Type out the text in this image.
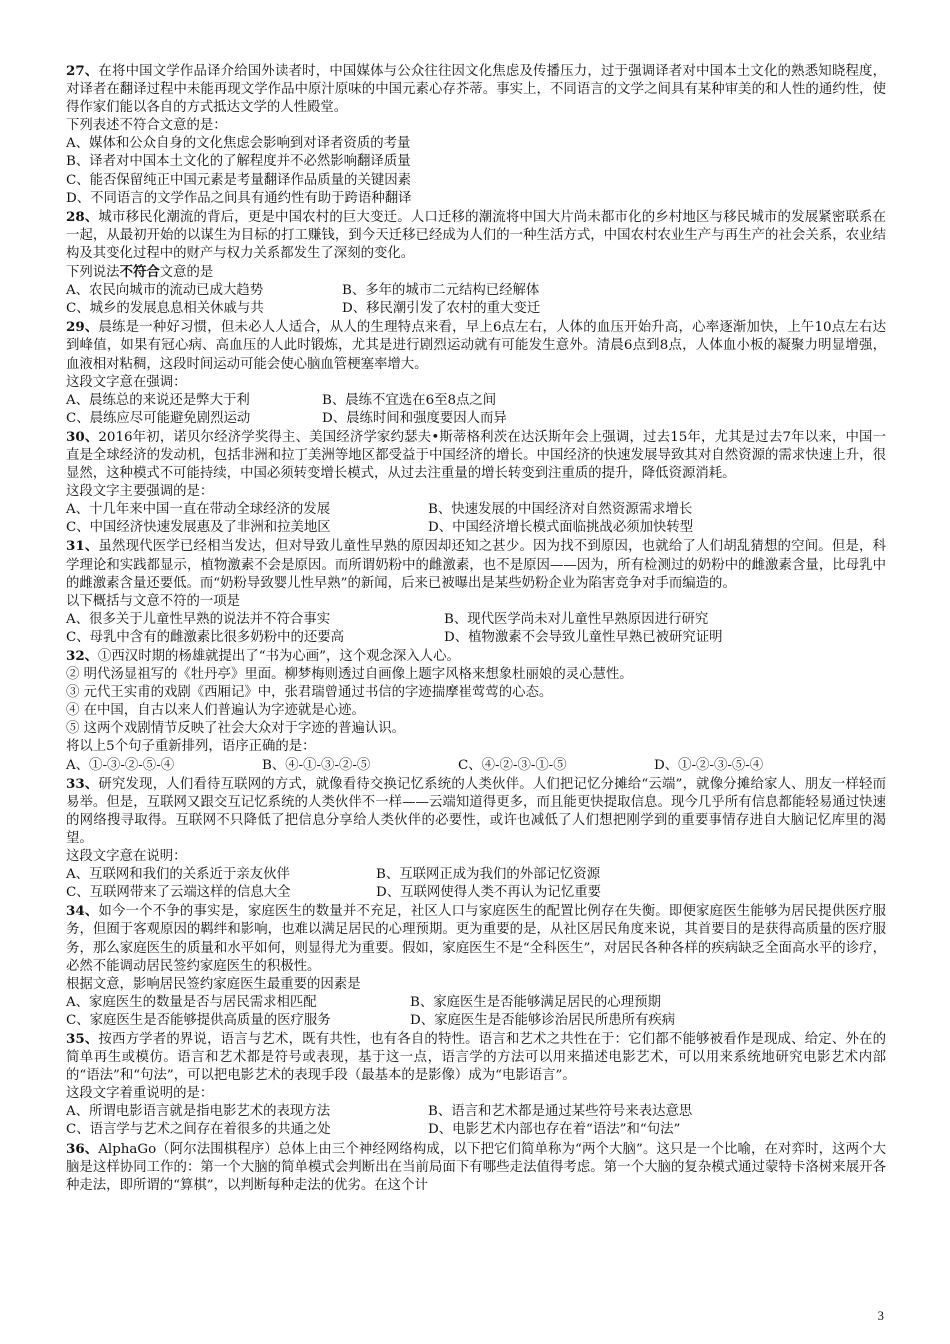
27、在将中国文学作品译介给国外读者时，中国媒体与公众往往因文化焦虑及传播压力，过于强调译者对中国本土文化的熟悉知晓程度，对译者在翻译过程中未能再现文学作品中原汁原味的中国元素心存芥蒂。事实上，不同语言的文学之间具有某种审美的和人性的通约性，使得作家们能以各自的方式抵达文学的人性殿堂。

下列表述不符合文意的是：

A、媒体和公众自身的文化焦虑会影响到对译者资质的考量

B、译者对中国本土文化的了解程度并不必然影响翻译质量

C、能否保留纯正中国元素是考量翻译作品质量的关键因素

D、不同语言的文学作品之间具有通约性有助于跨语种翻译

28、城市移民化潮流的背后，更是中国农村的巨大变迁。人口迁移的潮流将中国大片尚未都市化的乡村地区与移民城市的发展紧密联系在一起，从最初开始的以谋生为目标的打工赚钱，到今天迁移已经成为人们的一种生活方式，中国农村农业生产与再生产的社会关系，农业结构及其变化过程中的财产与权力关系都发生了深刻的变化。

下列说法不符合文意的是

A、农民向城市的流动已成大趋势	B、多年的城市二元结构已经解体

C、城乡的发展息息相关休戚与共	D、移民潮引发了农村的重大变迁

29、晨练是一种好习惯，但未必人人适合，从人的生理特点来看，早上6点左右，人体的血压开始升高，心率逐渐加快，上午10点左右达到峰值，如果有冠心病、高血压的人此时锻炼，尤其是进行剧烈运动就有可能发生意外。清晨6点到8点，人体血小板的凝聚力明显增强，血液相对粘稠，这段时间运动可能会使心脑血管梗塞率增大。

这段文字意在强调：

A、晨练总的来说还是弊大于利	B、晨练不宜选在6至8点之间

C、晨练应尽可能避免剧烈运动	D、晨练时间和强度要因人而异

30、2016年初，诺贝尔经济学奖得主、美国经济学家约瑟夫•斯蒂格利茨在达沃斯年会上强调，过去15年，尤其是过去7年以来，中国一直是全球经济的发动机，包括非洲和拉丁美洲等地区都受益于中国经济的增长。中国经济的快速发展导致其对自然资源的需求快速上升，很显然，这种模式不可能持续，中国必须转变增长模式，从过去注重量的增长转变到注重质的提升，降低资源消耗。

这段文字主要强调的是：

A、十几年来中国一直在带动全球经济的发展	B、快速发展的中国经济对自然资源需求增长

C、中国经济快速发展惠及了非洲和拉美地区	D、中国经济增长模式面临挑战必须加快转型

31、虽然现代医学已经相当发达，但对导致儿童性早熟的原因却还知之甚少。因为找不到原因，也就给了人们胡乱猜想的空间。但是，科学理论和实践都显示，植物激素不会是原因。而所谓奶粉中的雌激素，也不是原因——因为，所有检测过的奶粉中的雌激素含量，比母乳中的雌激素含量还要低。而“奶粉导致婴儿性早熟”的新闻，后来已被曝出是某些奶粉企业为陷害竞争对手而编造的。

以下概括与文意不符的一项是

A、很多关于儿童性早熟的说法并不符合事实	B、现代医学尚未对儿童性早熟原因进行研究

C、母乳中含有的雌激素比很多奶粉中的还要高	D、植物激素不会导致儿童性早熟已被研究证明

32、①西汉时期的杨雄就提出了“书为心画”，这个观念深入人心。

② 明代汤显祖写的《牡丹亭》里面。柳梦梅则透过自画像上题字风格来想象杜丽娘的灵心慧性。

③ 元代王实甫的戏剧《西厢记》中，张君瑞曾通过书信的字迹揣摩崔莺莺的心态。

④ 在中国，自古以来人们普遍认为字迹就是心迹。

⑤ 这两个戏剧情节反映了社会大众对于字迹的普遍认识。

将以上5个句子重新排列，语序正确的是：

A、①-③-②-⑤-④	B、④-①-③-②-⑤	C、④-②-③-①-⑤	D、①-②-③-⑤-④

33、研究发现，人们看待互联网的方式，就像看待交换记忆系统的人类伙伴。人们把记忆分摊给“云端”，就像分摊给家人、朋友一样轻而易举。但是，互联网又跟交互记忆系统的人类伙伴不一样——云端知道得更多，而且能更快提取信息。现今几乎所有信息都能轻易通过快速的网络搜寻取得。互联网不只降低了把信息分享给人类伙伴的必要性，或许也减低了人们想把刚学到的重要事情存进自大脑记忆库里的渴望。

这段文字意在说明：

A、互联网和我们的关系近于亲友伙伴	B、互联网正成为我们的外部记忆资源

C、互联网带来了云端这样的信息大全	D、互联网使得人类不再认为记忆重要

34、如今一个不争的事实是，家庭医生的数量并不充足，社区人口与家庭医生的配置比例存在失衡。即便家庭医生能够为居民提供医疗服务，但囿于客观原因的羁绊和影响，也难以满足居民的心理预期。更为重要的是，从社区居民角度来说，其首要目的是获得高质量的医疗服务，那么家庭医生的质量和水平如何，则显得尤为重要。假如，家庭医生不是“全科医生”，对居民各种各样的疾病缺乏全面高水平的诊疗，必然不能调动居民签约家庭医生的积极性。

根据文意，影响居民签约家庭医生最重要的因素是

A、家庭医生的数量是否与居民需求相匹配	B、家庭医生是否能够满足居民的心理预期

C、家庭医生是否能够提供高质量的医疗服务	D、家庭医生是否能够诊治居民所患所有疾病

35、按西方学者的界说，语言与艺术，既有共性，也有各自的特性。语言和艺术之共性在于：它们都不能够被看作是现成、给定、外在的简单再生或模仿。语言和艺术都是符号或表现，基于这一点，语言学的方法可以用来描述电影艺术，可以用来系统地研究电影艺术内部的“语法”和“句法”，可以把电影艺术的表现手段（最基本的是影像）成为“电影语言”。

这段文字着重说明的是：

A、所谓电影语言就是指电影艺术的表现方法	B、语言和艺术都是通过某些符号来表达意思

C、语言学与艺术之间存在着很多的共通之处	D、电影艺术内部也存在着“语法”和“句法”

36、AlphaGo（阿尔法围棋程序）总体上由三个神经网络构成，以下把它们简单称为“两个大脑”。这只是一个比喻，在对弈时，这两个大脑是这样协同工作的：第一个大脑的简单模式会判断出在当前局面下有哪些走法值得考虑。第一个大脑的复杂模式通过蒙特卡洛树来展开各种走法，即所谓的“算棋”，以判断每种走法的优劣。在这个计

3
